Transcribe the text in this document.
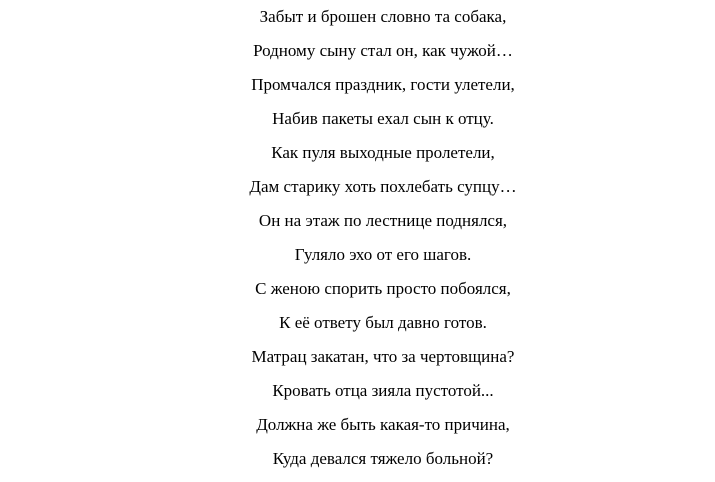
Забыт и брошен словно та собака,
Родному сыну стал он, как чужой…
Промчался праздник, гости улетели,
Набив пакеты ехал сын к отцу.
Как пуля выходные пролетели,
Дам старику хоть похлебать супцу…
Он на этаж по лестнице поднялся,
Гуляло эхо от его шагов.
С женою спорить просто побоялся,
К её ответу был давно готов.
Матрац закатан, что за чертовщина?
Кровать отца зияла пустотой...
Должна же быть какая-то причина,
Куда девался тяжело больной?
